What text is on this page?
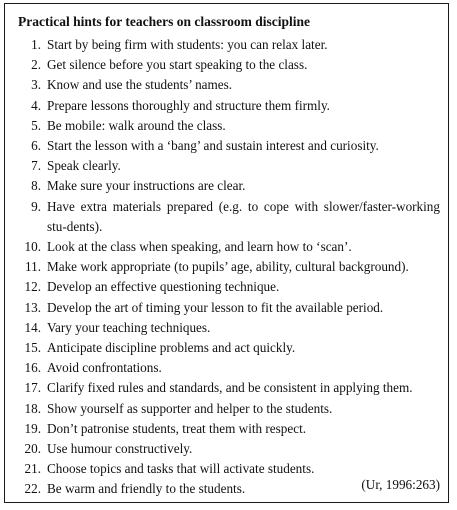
Practical hints for teachers on classroom discipline
1. Start by being firm with students: you can relax later.
2. Get silence before you start speaking to the class.
3. Know and use the students’ names.
4. Prepare lessons thoroughly and structure them firmly.
5. Be mobile: walk around the class.
6. Start the lesson with a ‘bang’ and sustain interest and curiosity.
7. Speak clearly.
8. Make sure your instructions are clear.
9. Have extra materials prepared (e.g. to cope with slower/faster-working stu-dents).
10. Look at the class when speaking, and learn how to ‘scan’.
11. Make work appropriate (to pupils’ age, ability, cultural background).
12. Develop an effective questioning technique.
13. Develop the art of timing your lesson to fit the available period.
14. Vary your teaching techniques.
15. Anticipate discipline problems and act quickly.
16. Avoid confrontations.
17. Clarify fixed rules and standards, and be consistent in applying them.
18. Show yourself as supporter and helper to the students.
19. Don’t patronise students, treat them with respect.
20. Use humour constructively.
21. Choose topics and tasks that will activate students.
22. Be warm and friendly to the students.	(Ur, 1996:263)
